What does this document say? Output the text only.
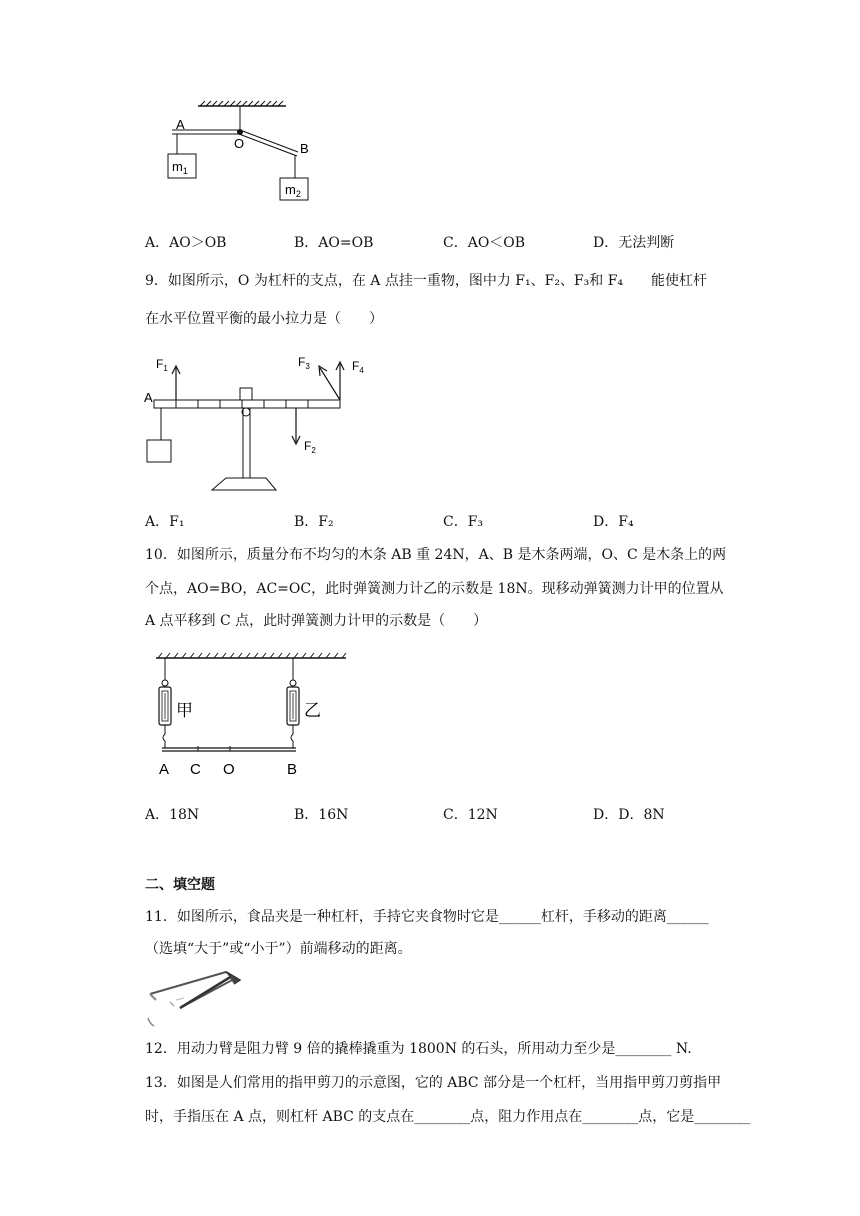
A
O	B
$m_1$
$m_2$
A．AO＞OB	B．AO=OB	C．AO＜OB	D．无法判断
9．如图所示，O 为杠杆的支点，在 A 点挂一重物，图中力 F₁、F₂、F₃和 F₄　　能使杠杆
在水平位置平衡的最小拉力是（　　）
A
$F_1$
$F_2$
$F_3$	$F_4$
A．F₁	B．F₂	C．F₃	D．F₄
10．如图所示，质量分布不均匀的木条 AB 重 24N，A、B 是木条两端，O、C 是木条上的两
个点，AO=BO，AC=OC，此时弹簧测力计乙的示数是 18N。现移动弹簧测力计甲的位置从
A 点平移到 C 点，此时弹簧测力计甲的示数是（　　）
甲	乙
A C O	B
A．18N	B．16N	C．12N	D．D．8N
二、填空题
11．如图所示，食品夹是一种杠杆，手持它夹食物时它是______杠杆，手移动的距离______
（选填“大于”或“小于”）前端移动的距离。
12．用动力臂是阻力臂 9 倍的撬棒撬重为 1800N 的石头，所用动力至少是________ N.
13．如图是人们常用的指甲剪刀的示意图，它的 ABC 部分是一个杠杆，当用指甲剪刀剪指甲
时，手指压在 A 点，则杠杆 ABC 的支点在________点，阻力作用点在________点，它是________
